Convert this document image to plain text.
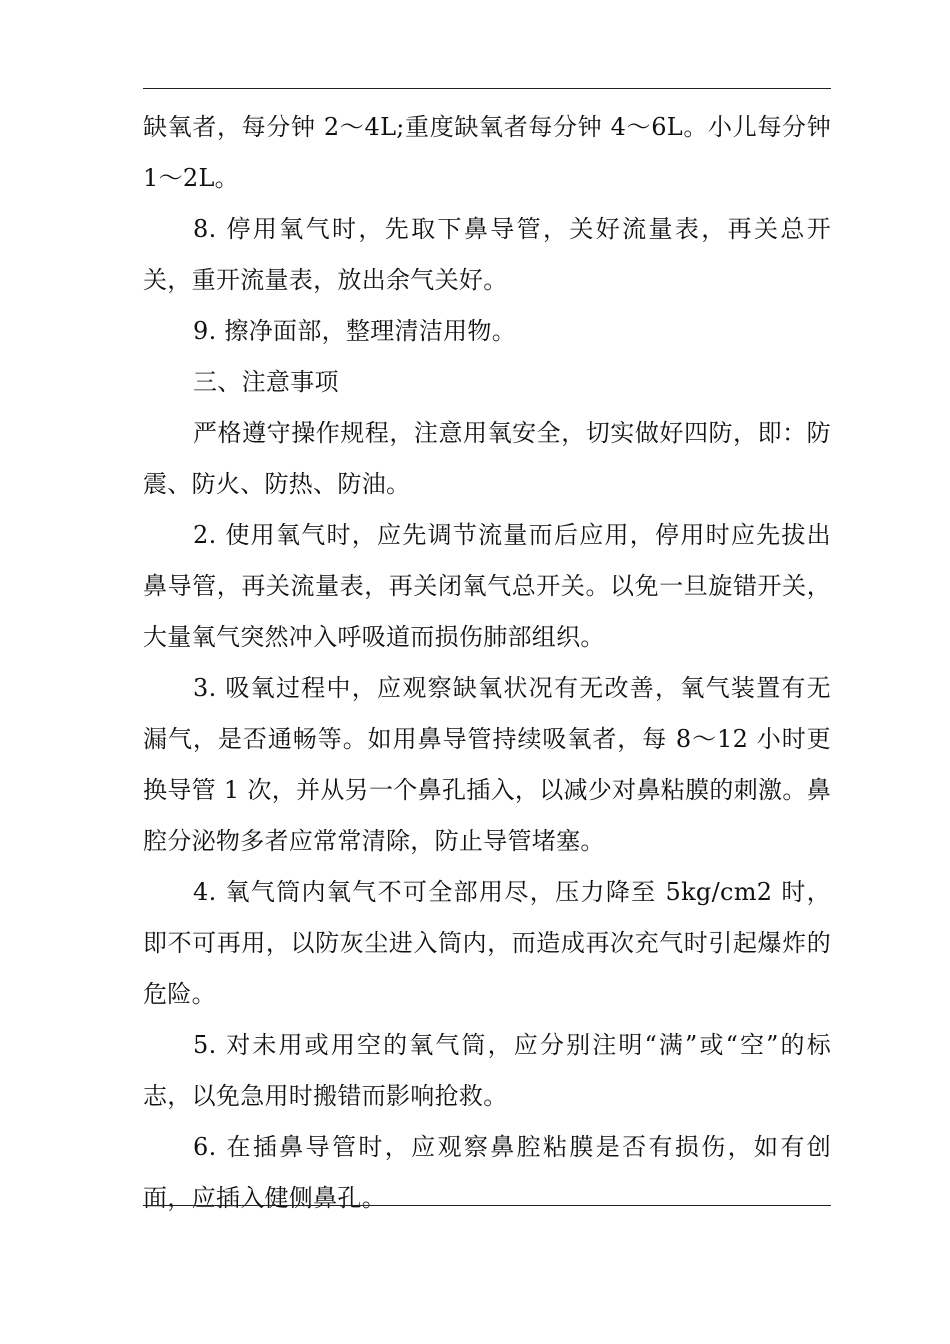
缺氧者，每分钟 2〜4L;重度缺氧者每分钟 4〜6L。小儿每分钟 1〜2L。

8. 停用氧气时，先取下鼻导管，关好流量表，再关总开关，重开流量表，放出余气关好。

9. 擦净面部，整理清洁用物。

三、注意事项

严格遵守操作规程，注意用氧安全，切实做好四防，即：防震、防火、防热、防油。

2. 使用氧气时，应先调节流量而后应用，停用时应先拔出鼻导管，再关流量表，再关闭氧气总开关。以免一旦旋错开关，大量氧气突然冲入呼吸道而损伤肺部组织。

3. 吸氧过程中，应观察缺氧状况有无改善，氧气装置有无漏气，是否通畅等。如用鼻导管持续吸氧者，每 8〜12 小时更换导管 1 次，并从另一个鼻孔插入，以减少对鼻粘膜的刺激。鼻腔分泌物多者应常常清除，防止导管堵塞。

4. 氧气筒内氧气不可全部用尽，压力降至 5kg/cm2 时，即不可再用，以防灰尘进入筒内，而造成再次充气时引起爆炸的危险。

5. 对未用或用空的氧气筒，应分别注明“满”或“空”的标志，以免急用时搬错而影响抢救。

6. 在插鼻导管时，应观察鼻腔粘膜是否有损伤，如有创面，应插入健侧鼻孔。
